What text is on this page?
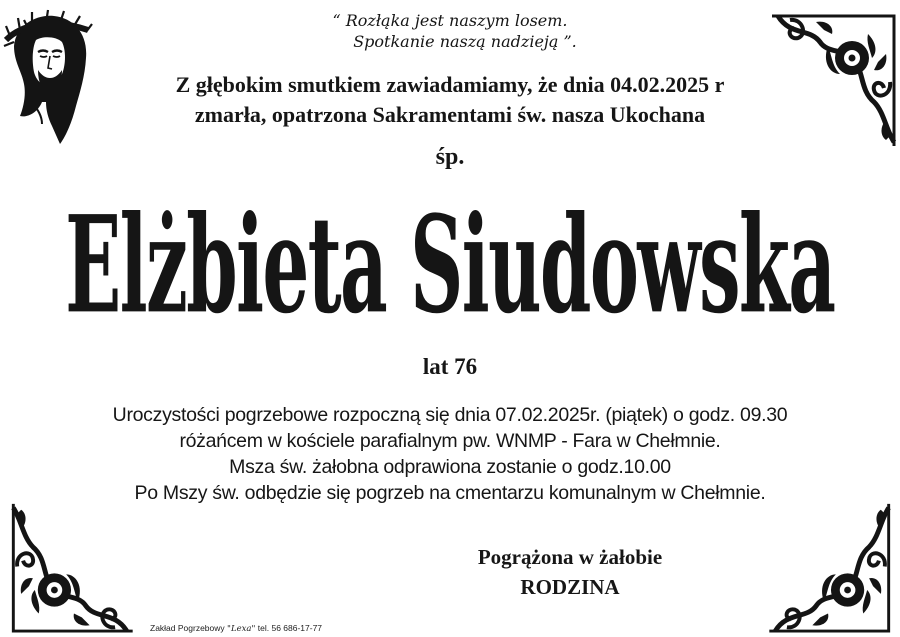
“ Rozłąka jest naszym losem.
Spotkanie naszą nadzieją ”.
Z głębokim smutkiem zawiadamiamy, że dnia 04.02.2025 r
zmarła, opatrzona Sakramentami św. nasza Ukochana
śp.
Elżbieta Siudowska
lat 76
Uroczystości pogrzebowe rozpoczną się dnia 07.02.2025r. (piątek) o godz. 09.30
różańcem w kościele parafialnym pw. WNMP - Fara w Chełmnie.
Msza św. żałobna odprawiona zostanie o godz.10.00
Po Mszy św. odbędzie się pogrzeb na cmentarzu komunalnym w Chełmnie.
Pogrążona w żałobie
RODZINA
Zakład Pogrzebowy "Lexa" tel. 56 686-17-77
